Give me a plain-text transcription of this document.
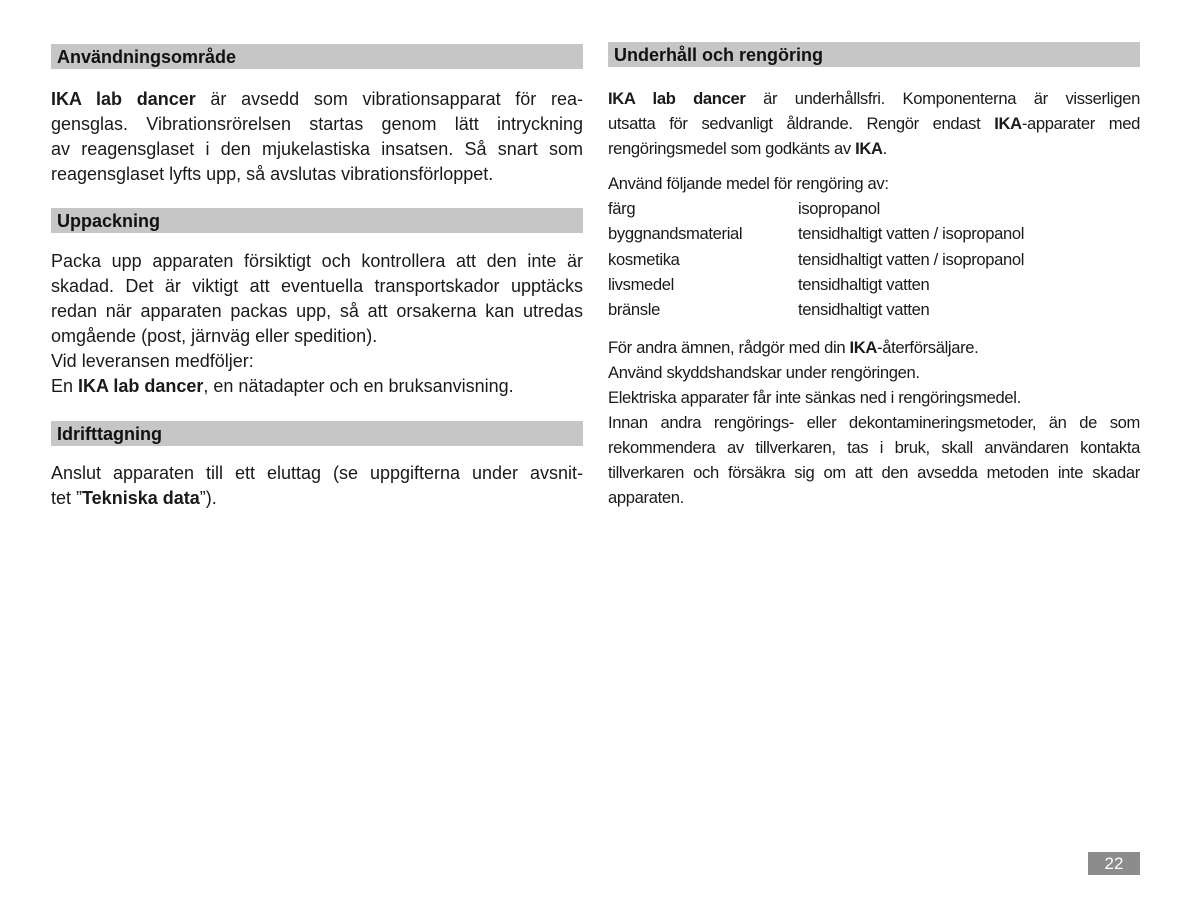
Användningsområde
IKA lab dancer är avsedd som vibrationsapparat för rea-
gensglas. Vibrationsrörelsen startas genom lätt intryckning
av reagensglaset i den mjukelastiska insatsen. Så snart som
reagensglaset lyfts upp, så avslutas vibrationsförloppet.
Uppackning
Packa upp apparaten försiktigt och kontrollera att den inte är
skadad. Det är viktigt att eventuella transportskador upptäcks
redan när apparaten packas upp, så att orsakerna kan utredas
omgående (post, järnväg eller spedition).
Vid leveransen medföljer:
En IKA lab dancer, en nätadapter och en bruksanvisning.
Idrifttagning
Anslut apparaten till ett eluttag (se uppgifterna under avsnit-
tet ”Tekniska data”).
Underhåll och rengöring
IKA lab dancer är underhållsfri. Komponenterna är visserligen
utsatta för sedvanligt åldrande. Rengör endast IKA-apparater med
rengöringsmedel som godkänts av IKA.
Använd följande medel för rengöring av:
färg	isopropanol
byggnandsmaterial	tensidhaltigt vatten / isopropanol
kosmetika	tensidhaltigt vatten / isopropanol
livsmedel	tensidhaltigt vatten
bränsle	tensidhaltigt vatten
För andra ämnen, rådgör med din IKA-återförsäljare.
Använd skyddshandskar under rengöringen.
Elektriska apparater får inte sänkas ned i rengöringsmedel.
Innan andra rengörings- eller dekontamineringsmetoder, än de som
rekommendera av tillverkaren, tas i bruk, skall användaren kontakta
tillverkaren och försäkra sig om att den avsedda metoden inte skadar
apparaten.
22
